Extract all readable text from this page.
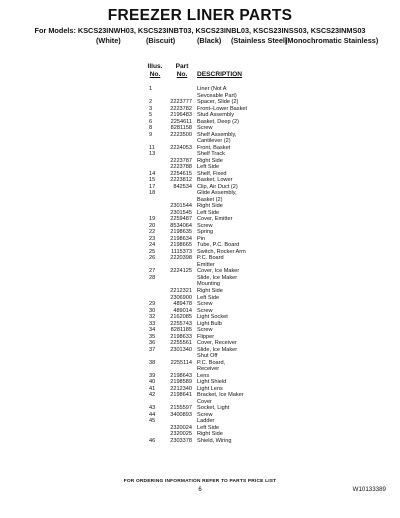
FREEZER LINER PARTS
For Models: KSCS23INWH03, KSCS23INBT03, KSCS23INBL03, KSCS23INSS03, KSCS23INMS03
(White)	(Biscuit)	(Black) (Stainless Steel)
(Monochromatic Stainless)
Illus.
No.
Part
No.	DESCRIPTION
1	Liner (Not A
Sevceable Part)
2	2223777 Spacer, Slide (2)
3	2223782 Front–Lower Basket
5	2196483 Stud Assembly
6	2254611 Basket, Deep (2)
8	8281158 Screw
9	2223500 Shelf Assembly,
Cantilever (2)
11	2224053 Front, Basket
13	Shelf Track
2223787 Right Side
2223788 Left Side
14	2254615 Shelf, Fixed
15	2223812 Basket, Lower
17	842534 Clip, Air Duct (2)
18	Glide Assembly,
Basket (2)
2301544 Right Side
2301545 Left Side
19	2259487 Cover, Emitter
20	8534064 Screw
22	2198635 Spring
23	2198634 Pin
24	2198665 Tube, P.C. Board
25	1115373 Switch, Rocker Arm
26	2220398 P.C. Board
Emitter
27	2224125 Cover, Ice Maker
28	Slide, Ice Maker
Mounting
2212321 Right Side
2306900 Left Side
29	489478 Screw
30	489014 Screw
32	2162085 Light Socket
33	2255743 Light Bulb
34	8281185 Screw
35	2198633 Flipper
36	2255561 Cover, Receiver
37	2301340 Slide, Ice Maker
Shut Off
38	2255114 P.C. Board,
Receiver
39	2198643 Lens
40	2198589 Light Shield
41	2212340 Light Lens
42	2198641 Bracket, Ice Maker
Cover
43	2155597 Socket, Light
44	3400893 Screw
45	Ladder
2320024 Left Side
2320025 Right Side
46	2303378 Shield, Wiring
FOR ORDERING INFORMATION REFER TO PARTS PRICE LIST
6	W10133389
